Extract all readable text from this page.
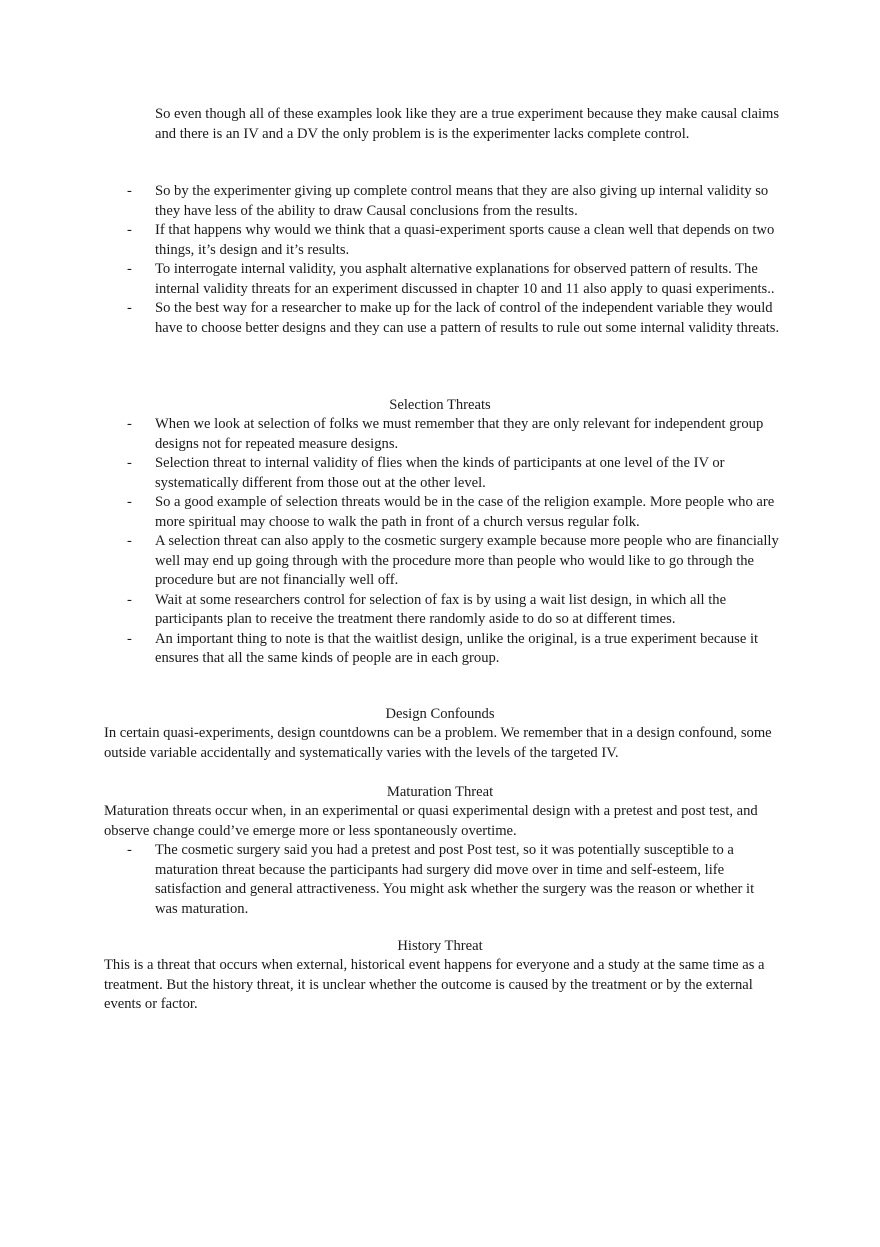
So even though all of these examples look like they are a true experiment because they make causal claims and there is an IV and a DV the only problem is is the experimenter lacks complete control.

- So by the experimenter giving up complete control means that they are also giving up internal validity so they have less of the ability to draw Causal conclusions from the results.
- If that happens why would we think that a quasi-experiment sports cause a clean well that depends on two things, it’s design and it’s results.
- To interrogate internal validity, you asphalt alternative explanations for observed pattern of results. The internal validity threats for an experiment discussed in chapter 10 and 11 also apply to quasi experiments..
- So the best way for a researcher to make up for the lack of control of the independent variable they would have to choose better designs and they can use a pattern of results to rule out some internal validity threats.
Selection Threats
- When we look at selection of folks we must remember that they are only relevant for independent group designs not for repeated measure designs.
- Selection threat to internal validity of flies when the kinds of participants at one level of the IV or systematically different from those out at the other level.
- So a good example of selection threats would be in the case of the religion example. More people who are more spiritual may choose to walk the path in front of a church versus regular folk.
- A selection threat can also apply to the cosmetic surgery example because more people who are financially well may end up going through with the procedure more than people who would like to go through the procedure but are not financially well off.
- Wait at some researchers control for selection of fax is by using a wait list design, in which all the participants plan to receive the treatment there randomly aside to do so at different times.
- An important thing to note is that the waitlist design, unlike the original, is a true experiment because it ensures that all the same kinds of people are in each group.
Design Confounds

In certain quasi-experiments, design countdowns can be a problem. We remember that in a design confound, some outside variable accidentally and systematically varies with the levels of the targeted IV.

Maturation Threat

Maturation threats occur when, in an experimental or quasi experimental design with a pretest and post test, and observe change could’ve emerge more or less spontaneously overtime.

- The cosmetic surgery said you had a pretest and post Post test, so it was potentially susceptible to a maturation threat because the participants had surgery did move over in time and self-esteem, life satisfaction and general attractiveness. You might ask whether the surgery was the reason or whether it was maturation.
History Threat

This is a threat that occurs when external, historical event happens for everyone and a study at the same time as a treatment. But the history threat, it is unclear whether the outcome is caused by the treatment or by the external events or factor.
